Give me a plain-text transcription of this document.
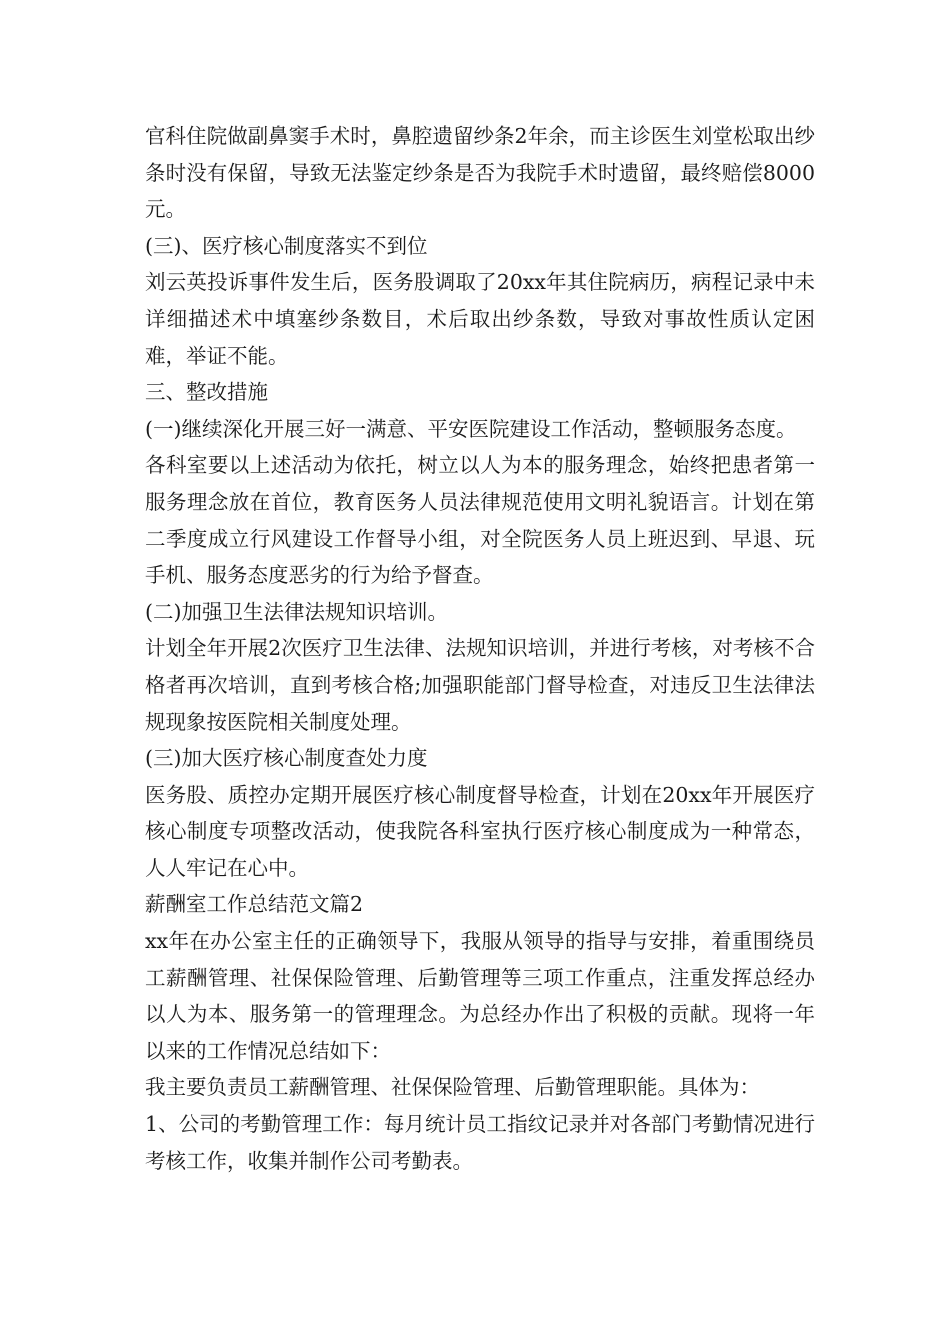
官科住院做副鼻窦手术时，鼻腔遗留纱条2年余，而主诊医生刘堂松取出纱条时没有保留，导致无法鉴定纱条是否为我院手术时遗留，最终赔偿8000元。

(三)、医疗核心制度落实不到位

刘云英投诉事件发生后，医务股调取了20xx年其住院病历，病程记录中未详细描述术中填塞纱条数目，术后取出纱条数，导致对事故性质认定困难，举证不能。

三、整改措施

(一)继续深化开展三好一满意、平安医院建设工作活动，整顿服务态度。

各科室要以上述活动为依托，树立以人为本的服务理念，始终把患者第一服务理念放在首位，教育医务人员法律规范使用文明礼貌语言。计划在第二季度成立行风建设工作督导小组，对全院医务人员上班迟到、早退、玩手机、服务态度恶劣的行为给予督查。

(二)加强卫生法律法规知识培训。

计划全年开展2次医疗卫生法律、法规知识培训，并进行考核，对考核不合格者再次培训，直到考核合格;加强职能部门督导检查，对违反卫生法律法规现象按医院相关制度处理。

(三)加大医疗核心制度查处力度

医务股、质控办定期开展医疗核心制度督导检查，计划在20xx年开展医疗核心制度专项整改活动，使我院各科室执行医疗核心制度成为一种常态，人人牢记在心中。

薪酬室工作总结范文篇2

xx年在办公室主任的正确领导下，我服从领导的指导与安排，着重围绕员工薪酬管理、社保保险管理、后勤管理等三项工作重点，注重发挥总经办以人为本、服务第一的管理理念。为总经办作出了积极的贡献。现将一年以来的工作情况总结如下：

我主要负责员工薪酬管理、社保保险管理、后勤管理职能。具体为：

1、公司的考勤管理工作：每月统计员工指纹记录并对各部门考勤情况进行考核工作，收集并制作公司考勤表。
